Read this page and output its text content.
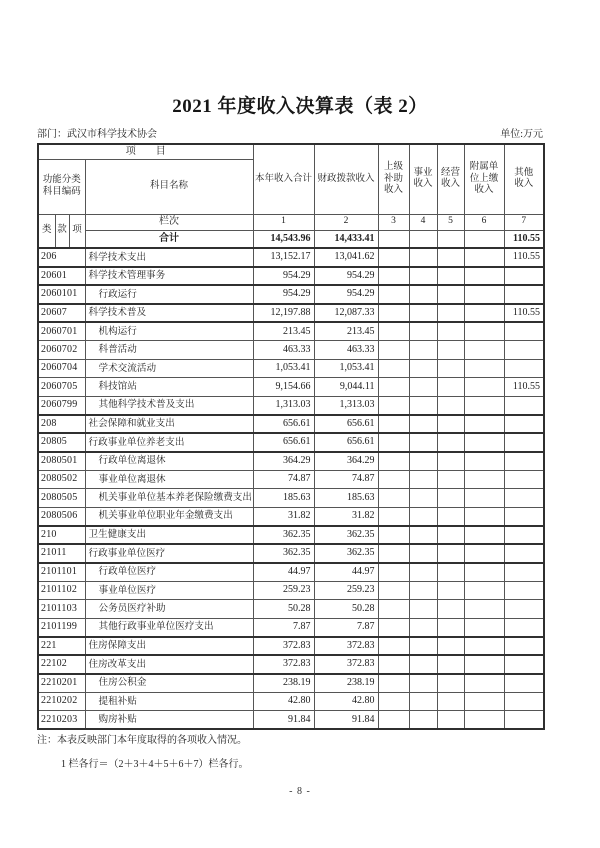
2021 年度收入决算表（表 2）
部门：武汉市科学技术协会	单位:万元
项　　目				本年收入合计	财政拨款收入	上级补助收入	事业收入	经营收入	附属单位上缴收入	其他收入
功能分类科目编码			科目名称							
类	款	项	栏次	1	2	3	4	5	6	7
			合计	14,543.96	14,433.41					110.55
206			科学技术支出	13,152.17	13,041.62					110.55
20601			科学技术管理事务	954.29	954.29					
2060101			行政运行	954.29	954.29					
20607			科学技术普及	12,197.88	12,087.33					110.55
2060701			机构运行	213.45	213.45					
2060702			科普活动	463.33	463.33					
2060704			学术交流活动	1,053.41	1,053.41					
2060705			科技馆站	9,154.66	9,044.11					110.55
2060799			其他科学技术普及支出	1,313.03	1,313.03					
208			社会保障和就业支出	656.61	656.61					
20805			行政事业单位养老支出	656.61	656.61					
2080501			行政单位离退休	364.29	364.29					
2080502			事业单位离退休	74.87	74.87					
2080505			机关事业单位基本养老保险缴费支出	185.63	185.63					
2080506			机关事业单位职业年金缴费支出	31.82	31.82					
210			卫生健康支出	362.35	362.35					
21011			行政事业单位医疗	362.35	362.35					
2101101			行政单位医疗	44.97	44.97					
2101102			事业单位医疗	259.23	259.23					
2101103			公务员医疗补助	50.28	50.28					
2101199			其他行政事业单位医疗支出	7.87	7.87					
221			住房保障支出	372.83	372.83					
22102			住房改革支出	372.83	372.83					
2210201			住房公积金	238.19	238.19					
2210202			提租补贴	42.80	42.80					
2210203			购房补贴	91.84	91.84					
注：本表反映部门本年度取得的各项收入情况。
1 栏各行＝（2＋3＋4＋5＋6＋7）栏各行。
- 8 -
